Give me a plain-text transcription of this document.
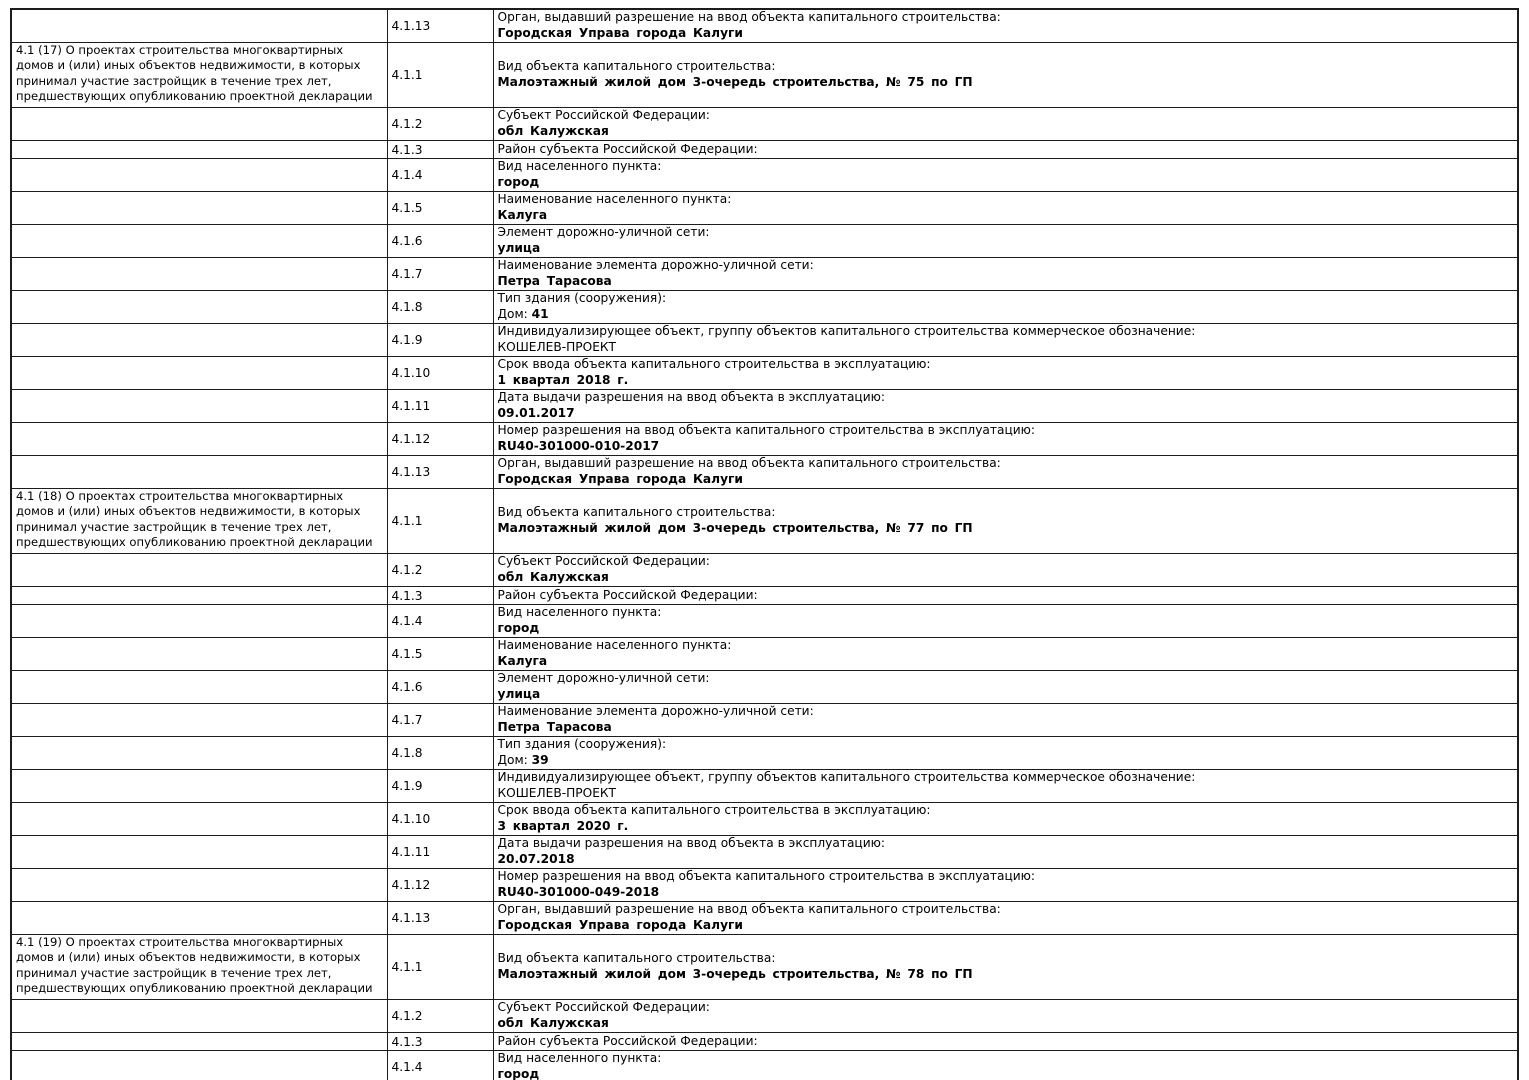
	4.1.13	Орган, выдавший разрешение на ввод объекта капитального строительства:
Городская Управа города Калуги

4.1 (17) О проектах строительства многоквартирных домов и (или) иных объектов недвижимости, в которых принимал участие застройщик в течение трех лет, предшествующих опубликованию проектной декларации	4.1.1	Вид объекта капитального строительства:
Малоэтажный жилой дом 3-очередь строительства, № 75 по ГП

	4.1.2	Субъект Российской Федерации:
обл Калужская

	4.1.3	Район субъекта Российской Федерации:

	4.1.4	Вид населенного пункта:
город

	4.1.5	Наименование населенного пункта:
Калуга

	4.1.6	Элемент дорожно-уличной сети:
улица

	4.1.7	Наименование элемента дорожно-уличной сети:
Петра Тарасова

	4.1.8	Тип здания (сооружения):
Дом: 41

	4.1.9	Индивидуализирующее объект, группу объектов капитального строительства коммерческое обозначение:
КОШЕЛЕВ-ПРОЕКТ

	4.1.10	Срок ввода объекта капитального строительства в эксплуатацию:
1 квартал 2018 г.

	4.1.11	Дата выдачи разрешения на ввод объекта в эксплуатацию:
09.01.2017

	4.1.12	Номер разрешения на ввод объекта капитального строительства в эксплуатацию:
RU40-301000-010-2017

	4.1.13	Орган, выдавший разрешение на ввод объекта капитального строительства:
Городская Управа города Калуги

4.1 (18) О проектах строительства многоквартирных домов и (или) иных объектов недвижимости, в которых принимал участие застройщик в течение трех лет, предшествующих опубликованию проектной декларации	4.1.1	Вид объекта капитального строительства:
Малоэтажный жилой дом 3-очередь строительства, № 77 по ГП

	4.1.2	Субъект Российской Федерации:
обл Калужская

	4.1.3	Район субъекта Российской Федерации:

	4.1.4	Вид населенного пункта:
город

	4.1.5	Наименование населенного пункта:
Калуга

	4.1.6	Элемент дорожно-уличной сети:
улица

	4.1.7	Наименование элемента дорожно-уличной сети:
Петра Тарасова

	4.1.8	Тип здания (сооружения):
Дом: 39

	4.1.9	Индивидуализирующее объект, группу объектов капитального строительства коммерческое обозначение:
КОШЕЛЕВ-ПРОЕКТ

	4.1.10	Срок ввода объекта капитального строительства в эксплуатацию:
3 квартал 2020 г.

	4.1.11	Дата выдачи разрешения на ввод объекта в эксплуатацию:
20.07.2018

	4.1.12	Номер разрешения на ввод объекта капитального строительства в эксплуатацию:
RU40-301000-049-2018

	4.1.13	Орган, выдавший разрешение на ввод объекта капитального строительства:
Городская Управа города Калуги

4.1 (19) О проектах строительства многоквартирных домов и (или) иных объектов недвижимости, в которых принимал участие застройщик в течение трех лет, предшествующих опубликованию проектной декларации	4.1.1	Вид объекта капитального строительства:
Малоэтажный жилой дом 3-очередь строительства, № 78 по ГП

	4.1.2	Субъект Российской Федерации:
обл Калужская

	4.1.3	Район субъекта Российской Федерации:

	4.1.4	Вид населенного пункта:
город
